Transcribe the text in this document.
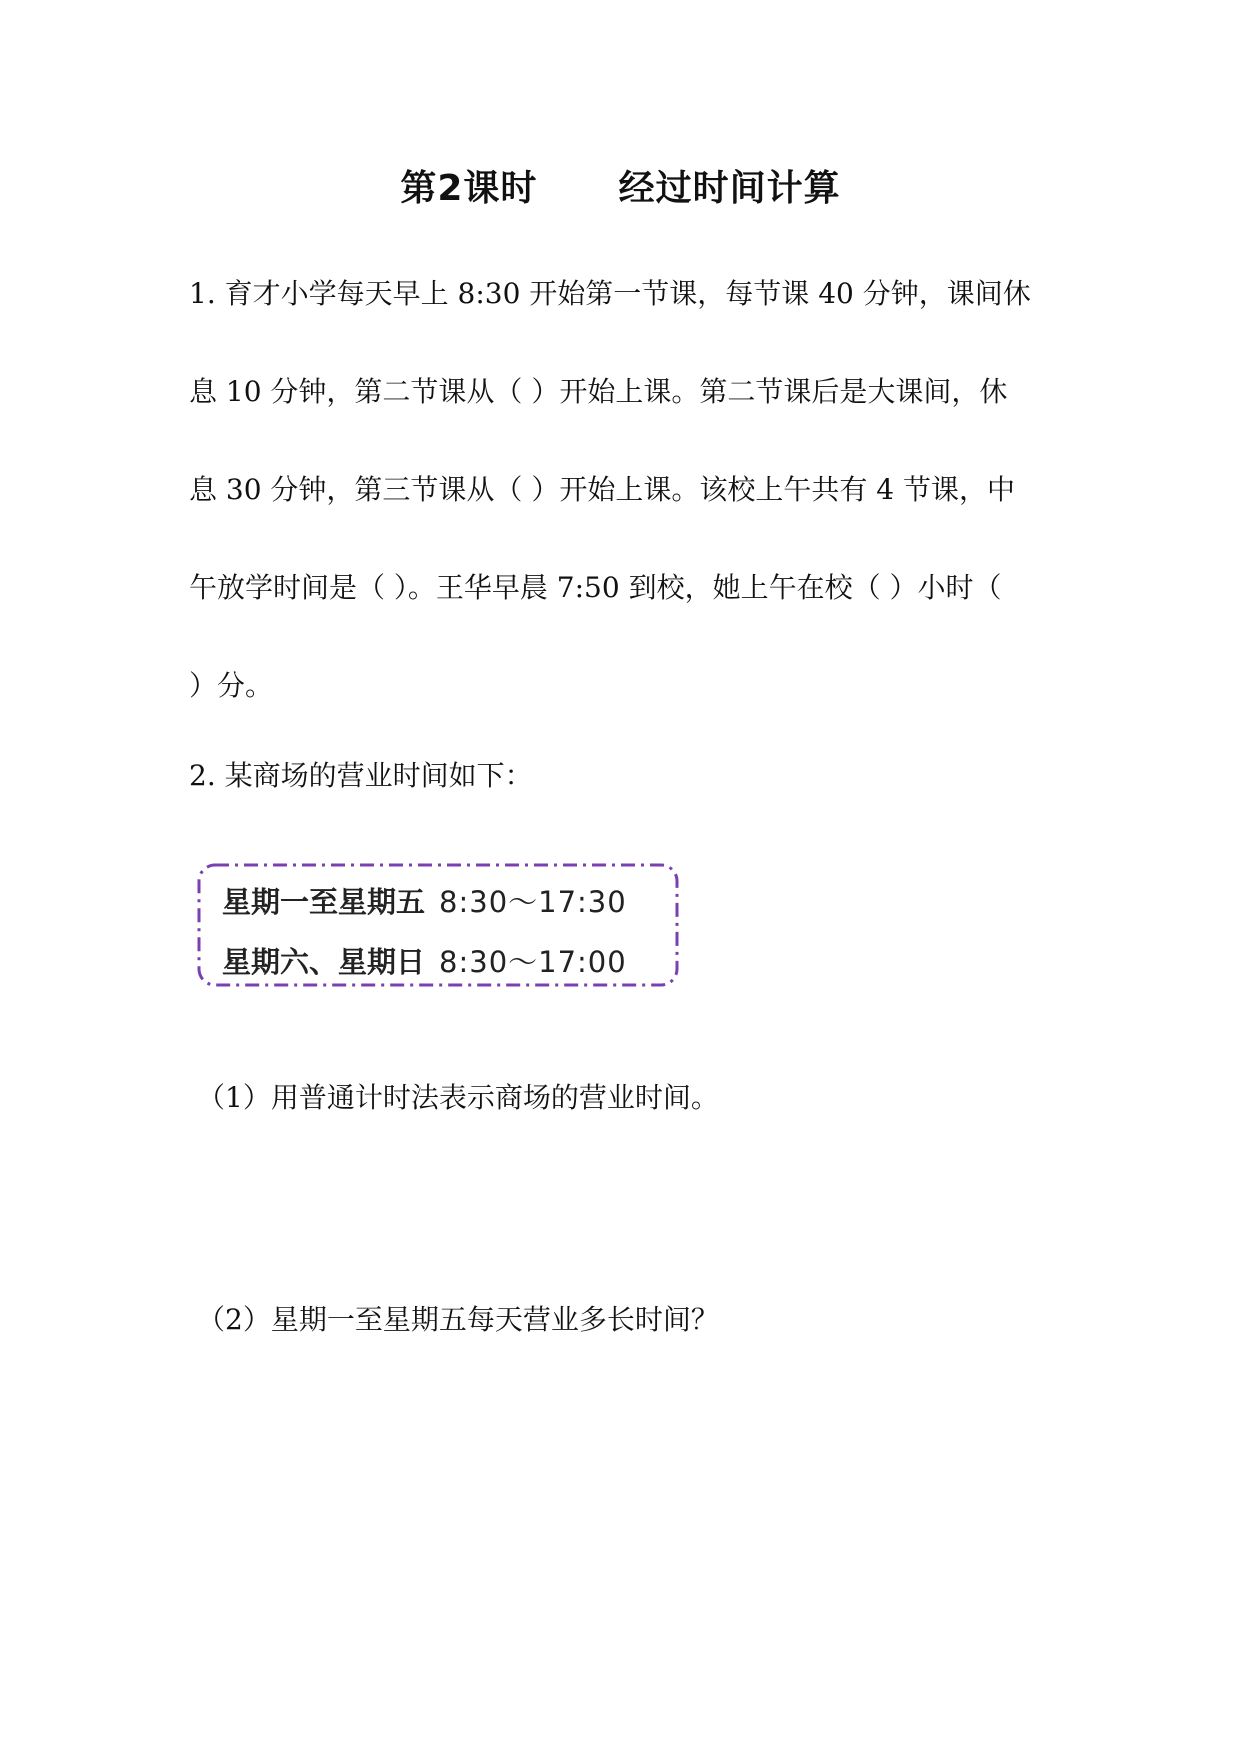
第2课时      经过时间计算

1. 育才小学每天早上 8:30 开始第一节课，每节课 40 分钟，课间休

息 10 分钟，第二节课从（ ）开始上课。第二节课后是大课间，休

息 30 分钟，第三节课从（ ）开始上课。该校上午共有 4 节课，中

午放学时间是（ ）。王华早晨 7:50 到校，她上午在校（ ）小时（

）分。

2. 某商场的营业时间如下：
星期一至星期五 8:30～17:30
星期六、星期日 8:30～17:00
（1）用普通计时法表示商场的营业时间。
（2）星期一至星期五每天营业多长时间？
